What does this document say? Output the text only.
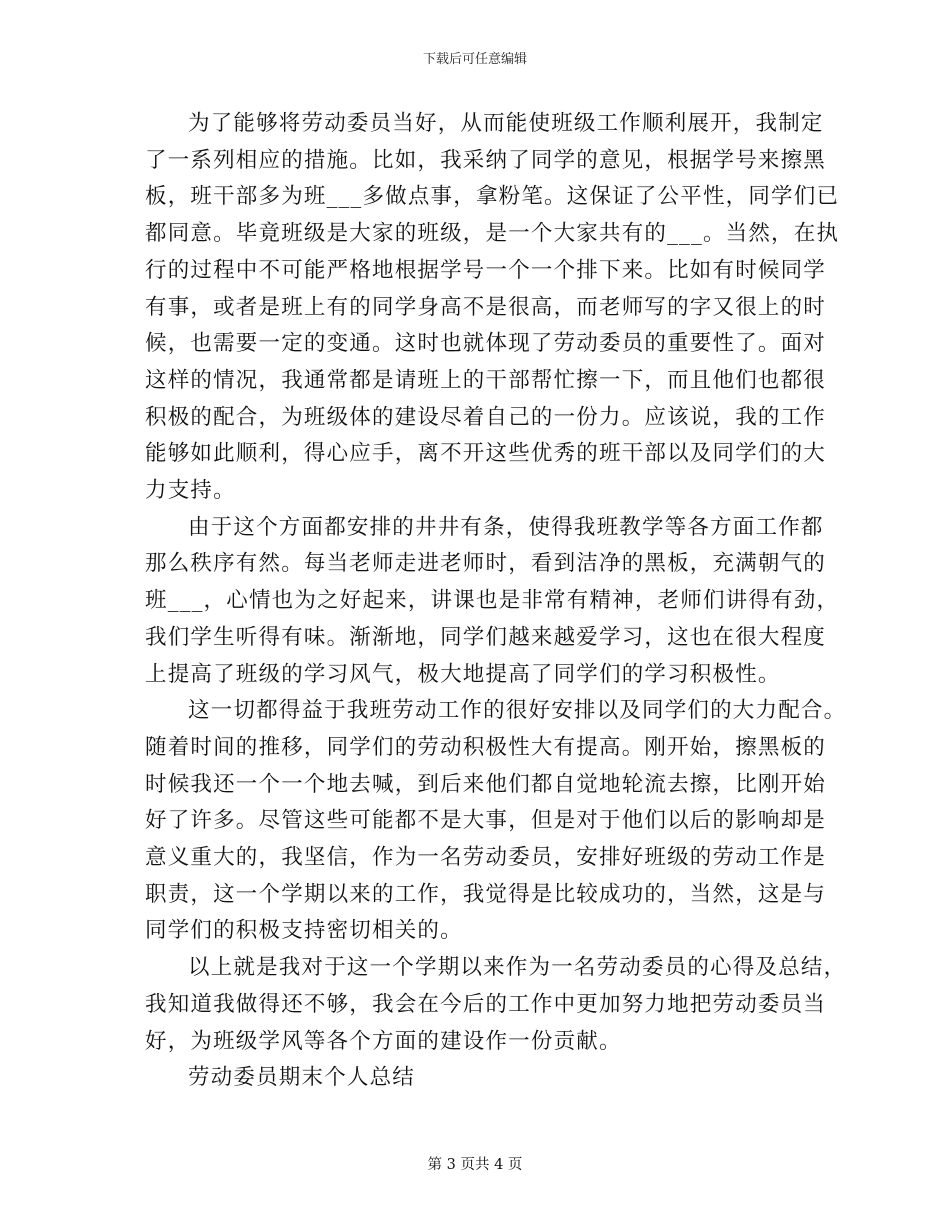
下载后可任意编辑

为了能够将劳动委员当好，从而能使班级工作顺利展开，我制定
了一系列相应的措施。比如，我采纳了同学的意见，根据学号来擦黑
板，班干部多为班___多做点事，拿粉笔。这保证了公平性，同学们已
都同意。毕竟班级是大家的班级，是一个大家共有的___。当然，在执
行的过程中不可能严格地根据学号一个一个排下来。比如有时候同学
有事，或者是班上有的同学身高不是很高，而老师写的字又很上的时
候，也需要一定的变通。这时也就体现了劳动委员的重要性了。面对
这样的情况，我通常都是请班上的干部帮忙擦一下，而且他们也都很
积极的配合，为班级体的建设尽着自己的一份力。应该说，我的工作
能够如此顺利，得心应手，离不开这些优秀的班干部以及同学们的大
力支持。

由于这个方面都安排的井井有条，使得我班教学等各方面工作都
那么秩序有然。每当老师走进老师时，看到洁净的黑板，充满朝气的
班___，心情也为之好起来，讲课也是非常有精神，老师们讲得有劲，
我们学生听得有味。渐渐地，同学们越来越爱学习，这也在很大程度
上提高了班级的学习风气，极大地提高了同学们的学习积极性。

这一切都得益于我班劳动工作的很好安排以及同学们的大力配合。
随着时间的推移，同学们的劳动积极性大有提高。刚开始，擦黑板的
时候我还一个一个地去喊，到后来他们都自觉地轮流去擦，比刚开始
好了许多。尽管这些可能都不是大事，但是对于他们以后的影响却是
意义重大的，我坚信，作为一名劳动委员，安排好班级的劳动工作是
职责，这一个学期以来的工作，我觉得是比较成功的，当然，这是与
同学们的积极支持密切相关的。

以上就是我对于这一个学期以来作为一名劳动委员的心得及总结，
我知道我做得还不够，我会在今后的工作中更加努力地把劳动委员当
好，为班级学风等各个方面的建设作一份贡献。

劳动委员期末个人总结

第 3 页共 4 页
